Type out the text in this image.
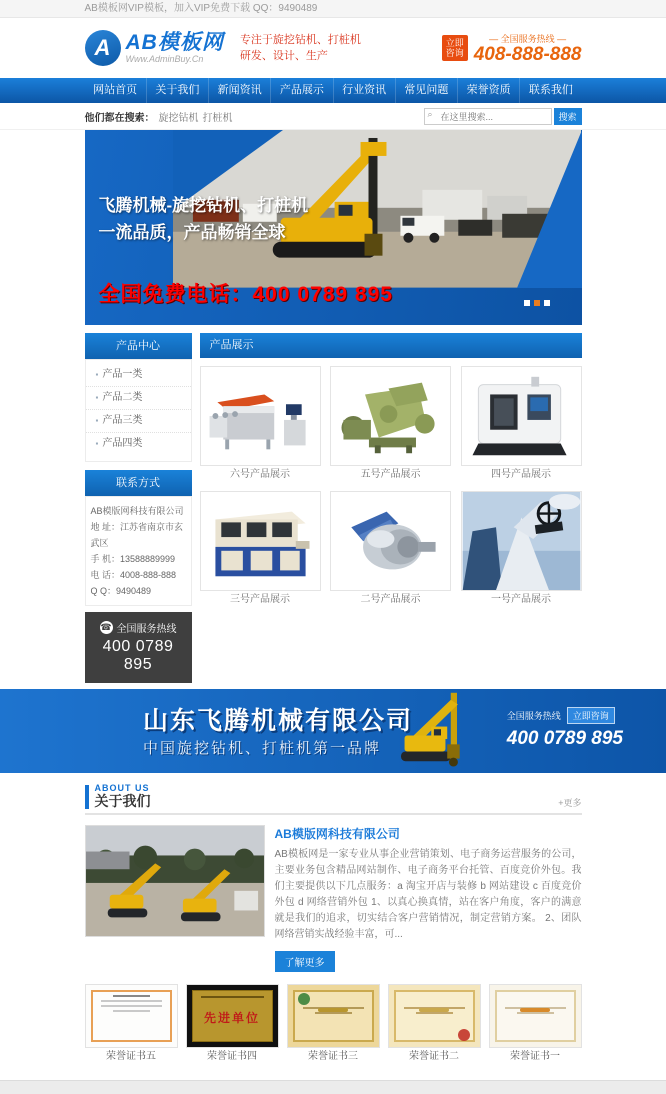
AB模板网VIP模板，加入VIP免费下载 QQ：9490489
A AB模板网
Www.AdminBuy.Cn
专注于旋挖钻机、打桩机
研发、设计、生产
立即咨询
— 全国服务热线 —
408-888-888
网站首页	关于我们	新闻资讯	产品展示	行业资讯	常见问题	荣誉资质	联系我们
他们都在搜索： 旋挖钻机 打桩机	⌕
在这里搜索...	搜索
飞腾机械-旋挖钻机、打桩机
一流品质，产品畅销全球
全国免费电话：400 0789 895
产品中心
▪ 产品一类
▪ 产品二类
▪ 产品三类
▪ 产品四类
联系方式
AB模版网科技有限公司
地 址：江苏省南京市玄武区
手 机：13588889999
电 话：4008-888-888
Q Q：9490489
☎ 全国服务热线
400 0789 895
产品展示
六号产品展示	五号产品展示	四号产品展示
三号产品展示	二号产品展示	一号产品展示
山东飞腾机械有限公司
中国旋挖钻机、打桩机第一品牌
全国服务热线	立即咨询
400 0789 895
ABOUT US
关于我们	+更多
AB模版网科技有限公司
AB模板网是一家专业从事企业营销策划、电子商务运营服务的公司，主要业务包含精品网站制作、电子商务平台托管、百度竞价外包。我们主要提供以下几点服务：a 淘宝开店与装修 b 网站建设 c 百度竞价外包 d 网络营销外包 1、以真心换真情，站在客户角度，客户的满意就是我们的追求，切实结合客户营销情况，制定营销方案。 2、团队网络营销实战经验丰富，可...
了解更多
荣誉证书五
先进单位
荣誉证书四	荣誉证书三	荣誉证书二	荣誉证书一
